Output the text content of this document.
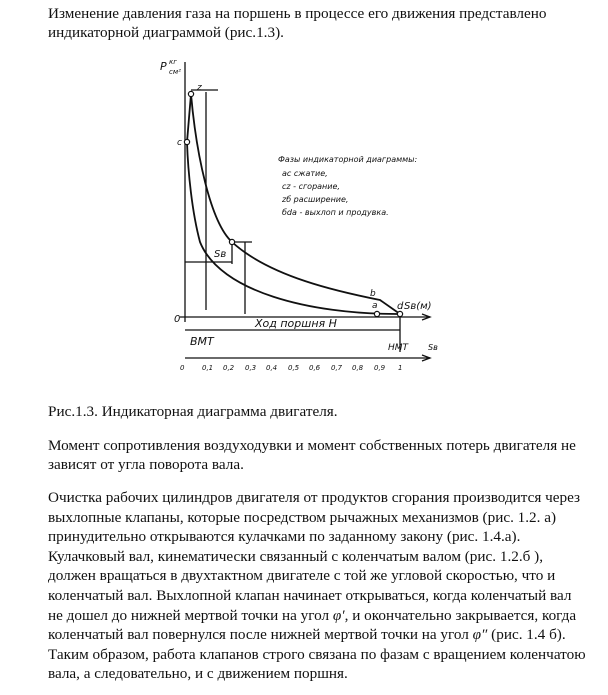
Изменение давления газа на поршень в процессе его движения представлено индикаторной диаграммой (рис.1.3).

P кг
см²
z
c
Sв
a
b
d Sв(м)
0	Ход поршня H
ВМТ	НМТ Sв
Фазы индикаторной диаграммы:
ac сжатие,
cz - сгорание,
zб расширение,
бda - выхлоп и продувка.
0	0,1 0,2 0,3 0,4 0,5 0,6 0,7 0,8 0,9 1

Рис.1.3. Индикаторная диаграмма двигателя.

Момент сопротивления воздуходувки и момент собственных потерь двигателя не зависят от угла поворота вала.

Очистка рабочих цилиндров двигателя от продуктов сгорания производится через выхлопные клапаны, которые посредством рычажных механизмов (рис. 1.2. а) принудительно открываются кулачками по заданному закону (рис. 1.4.а). Кулачковый вал, кинематически связанный с коленчатым валом (рис. 1.2.б ), должен вращаться в двухтактном двигателе с той же угловой скоростью, что и коленчатый вал. Выхлопной клапан начинает открываться, когда коленчатый вал не дошел до нижней мертвой точки на угол φ′, и окончательно закрывается, когда коленчатый вал повернулся после нижней мертвой точки на угол φ″ (рис. 1.4 б). Таким образом, работа клапанов строго связана по фазам с вращением коленчатою вала, а следовательно, и с движением поршня.
